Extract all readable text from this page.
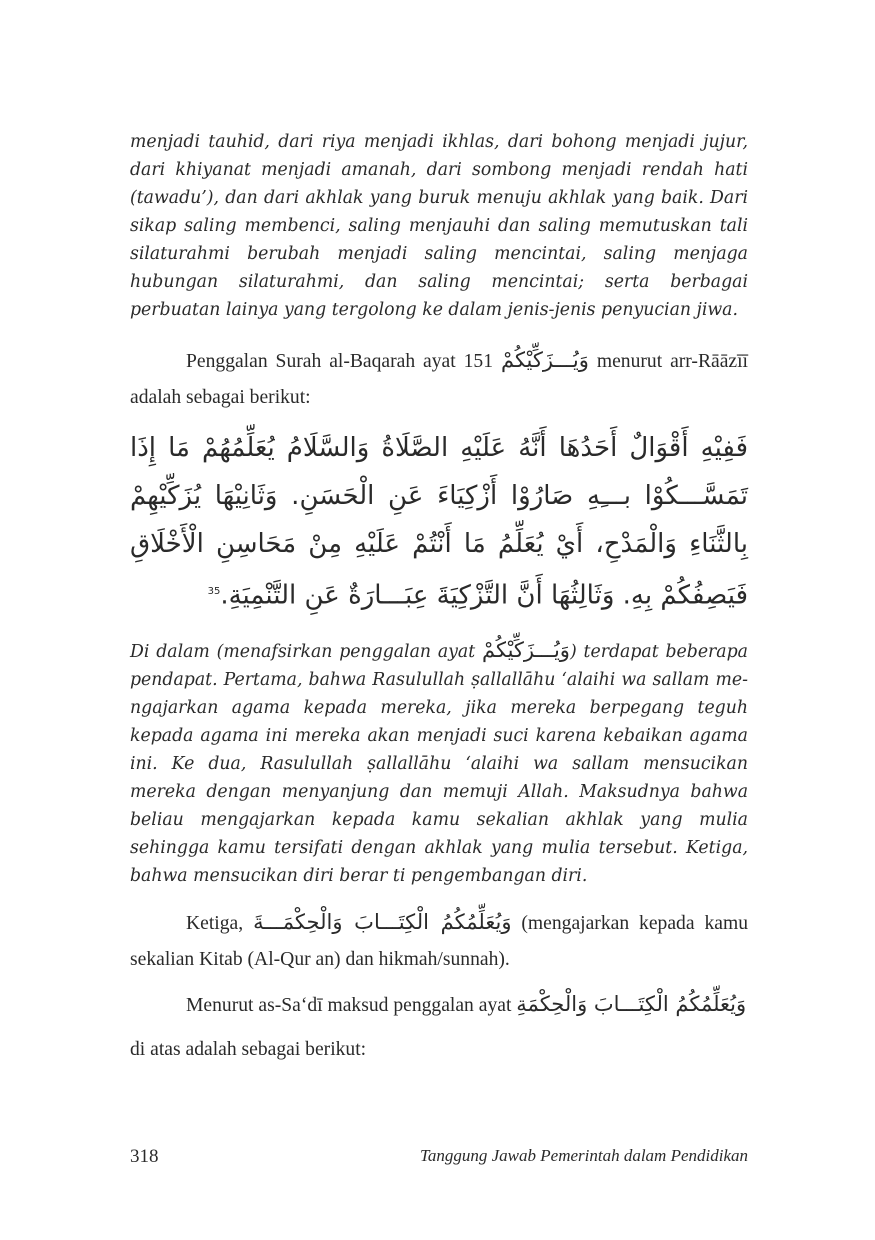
menjadi tauhid, dari riya menjadi ikhlas, dari bohong menjadi jujur, dari khiyanat menjadi amanah, dari sombong menjadi rendah hati (tawadu’), dan dari akhlak yang buruk menuju akhlak yang baik. Dari sikap saling membenci, saling menjauhi dan saling memutuskan tali silaturahmi berubah menjadi saling mencintai, saling menjaga hubungan silaturahmi, dan saling mencintai; serta berbagai perbuatan lainya yang tergolong ke dalam jenis-jenis penyucian jiwa.

Penggalan Surah al-Baqarah ayat 151 وَيُـــزَكِّيْكُمْ menurut arr-Rāāzīī adalah sebagai berikut:

فَفِيْهِ أَقْوَالٌ أَحَدُهَا أَنَّهُ عَلَيْهِ الصَّلَاةُ وَالسَّلَامُ يُعَلِّمُهُمْ مَا إِذَا تَمَسَّـــكُوْا بـــِهِ صَارُوْا أَزْكِيَاءَ عَنِ الْحَسَنِ. وَثَانِيْهَا يُزَكِّيْهِمْ بِالثَّنَاءِ وَالْمَدْحِ، أَيْ يُعَلِّمُ مَا أَنْتُمْ عَلَيْهِ مِنْ مَحَاسِنِ الْأَخْلَاقِ فَيَصِفُكُمْ بِهِ. وَثَالِثُهَا أَنَّ التَّزْكِيَةَ عِبَـــارَةٌ عَنِ التَّنْمِيَةِ.$^{35}$

Di dalam (menafsirkan penggalan ayat وَيُـــزَكِّيْكُمْ) terdapat beberapa pendapat. Pertama, bahwa Rasulullah ṣallallāhu ‘alaihi wa sallam me-ngajarkan agama kepada mereka, jika mereka berpegang teguh kepada agama ini mereka akan menjadi suci karena kebaikan agama ini. Ke dua, Rasulullah ṣallallāhu ‘alaihi wa sallam mensucikan mereka dengan menyanjung dan memuji Allah. Maksudnya bahwa beliau mengajarkan kepada kamu sekalian akhlak yang mulia sehingga kamu tersifati dengan akhlak yang mulia tersebut. Ketiga, bahwa mensucikan diri berar ti pengembangan diri.

Ketiga, وَيُعَلِّمُكُمُ الْكِتَـــابَ وَالْحِكْمَـــةَ (mengajarkan kepada kamu sekalian Kitab (Al-Qur an) dan hikmah/sunnah).

Menurut as-Sa‘dī maksud penggalan ayat وَيُعَلِّمُكُمُ الْكِتَـــابَ وَالْحِكْمَةِ di atas adalah sebagai berikut:

318	Tanggung Jawab Pemerintah dalam Pendidikan
